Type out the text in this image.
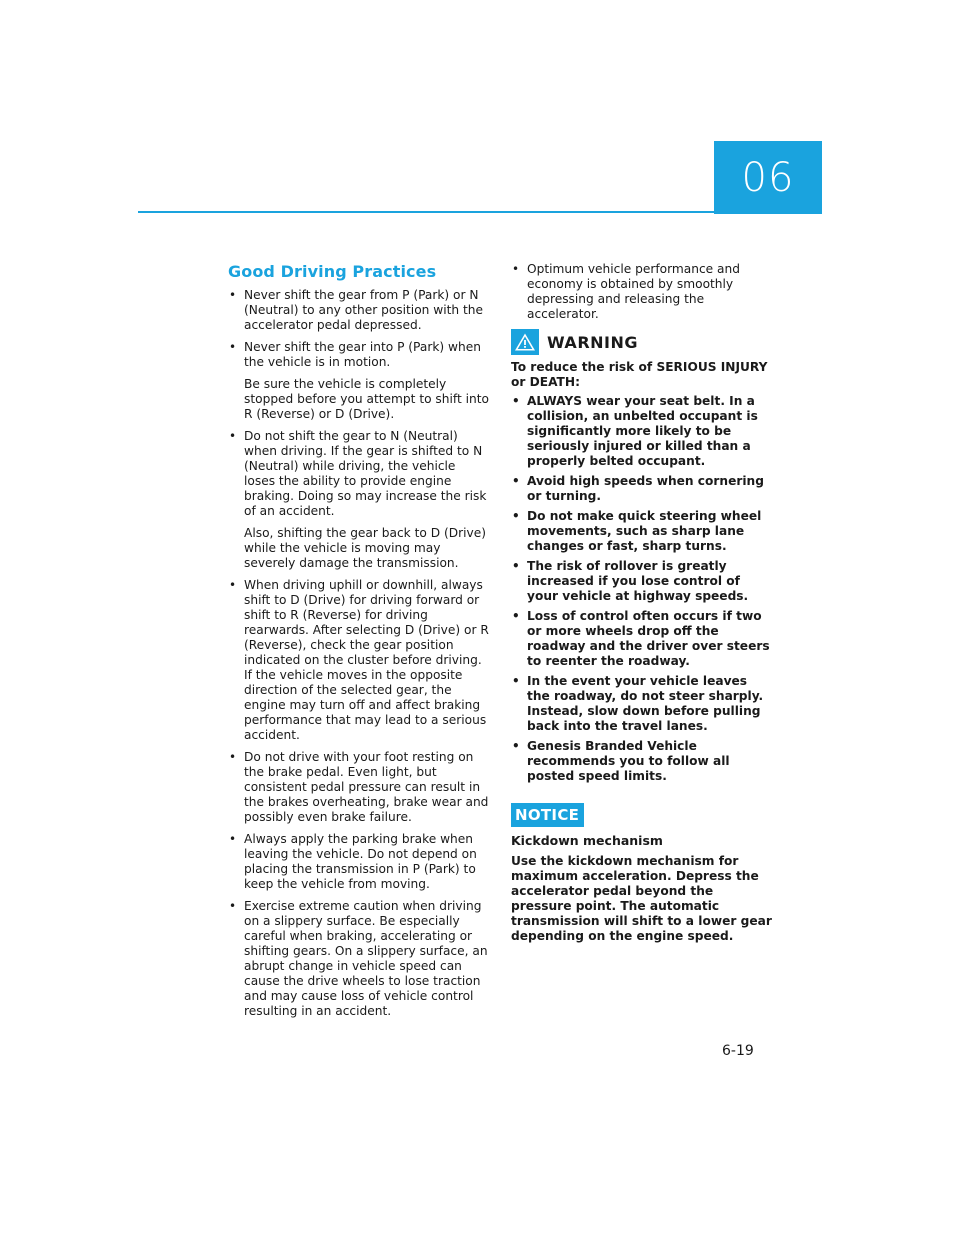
06
Good Driving Practices

• Never shift the gear from P (Park) or N (Neutral) to any other position with the accelerator pedal depressed.

• Never shift the gear into P (Park) when the vehicle is in motion.

Be sure the vehicle is completely stopped before you attempt to shift into R (Reverse) or D (Drive).

• Do not shift the gear to N (Neutral) when driving. If the gear is shifted to N (Neutral) while driving, the vehicle loses the ability to provide engine braking. Doing so may increase the risk of an accident.

Also, shifting the gear back to D (Drive) while the vehicle is moving may severely damage the transmission.

• When driving uphill or downhill, always shift to D (Drive) for driving forward or shift to R (Reverse) for driving rearwards. After selecting D (Drive) or R (Reverse), check the gear position indicated on the cluster before driving. If the vehicle moves in the opposite direction of the selected gear, the engine may turn off and affect braking performance that may lead to a serious accident.

• Do not drive with your foot resting on the brake pedal. Even light, but consistent pedal pressure can result in the brakes overheating, brake wear and possibly even brake failure.

• Always apply the parking brake when leaving the vehicle. Do not depend on placing the transmission in P (Park) to keep the vehicle from moving.

• Exercise extreme caution when driving on a slippery surface. Be especially careful when braking, accelerating or shifting gears. On a slippery surface, an abrupt change in vehicle speed can cause the drive wheels to lose traction and may cause loss of vehicle control resulting in an accident.

• Optimum vehicle performance and economy is obtained by smoothly depressing and releasing the accelerator.

WARNING

To reduce the risk of SERIOUS INJURY or DEATH:

• ALWAYS wear your seat belt. In a collision, an unbelted occupant is significantly more likely to be seriously injured or killed than a properly belted occupant.

• Avoid high speeds when cornering or turning.

• Do not make quick steering wheel movements, such as sharp lane changes or fast, sharp turns.

• The risk of rollover is greatly increased if you lose control of your vehicle at highway speeds.

• Loss of control often occurs if two or more wheels drop off the roadway and the driver over steers to reenter the roadway.

• In the event your vehicle leaves the roadway, do not steer sharply. Instead, slow down before pulling back into the travel lanes.

• Genesis Branded Vehicle recommends you to follow all posted speed limits.

NOTICE

Kickdown mechanism

Use the kickdown mechanism for maximum acceleration. Depress the accelerator pedal beyond the pressure point. The automatic transmission will shift to a lower gear depending on the engine speed.

6-19
